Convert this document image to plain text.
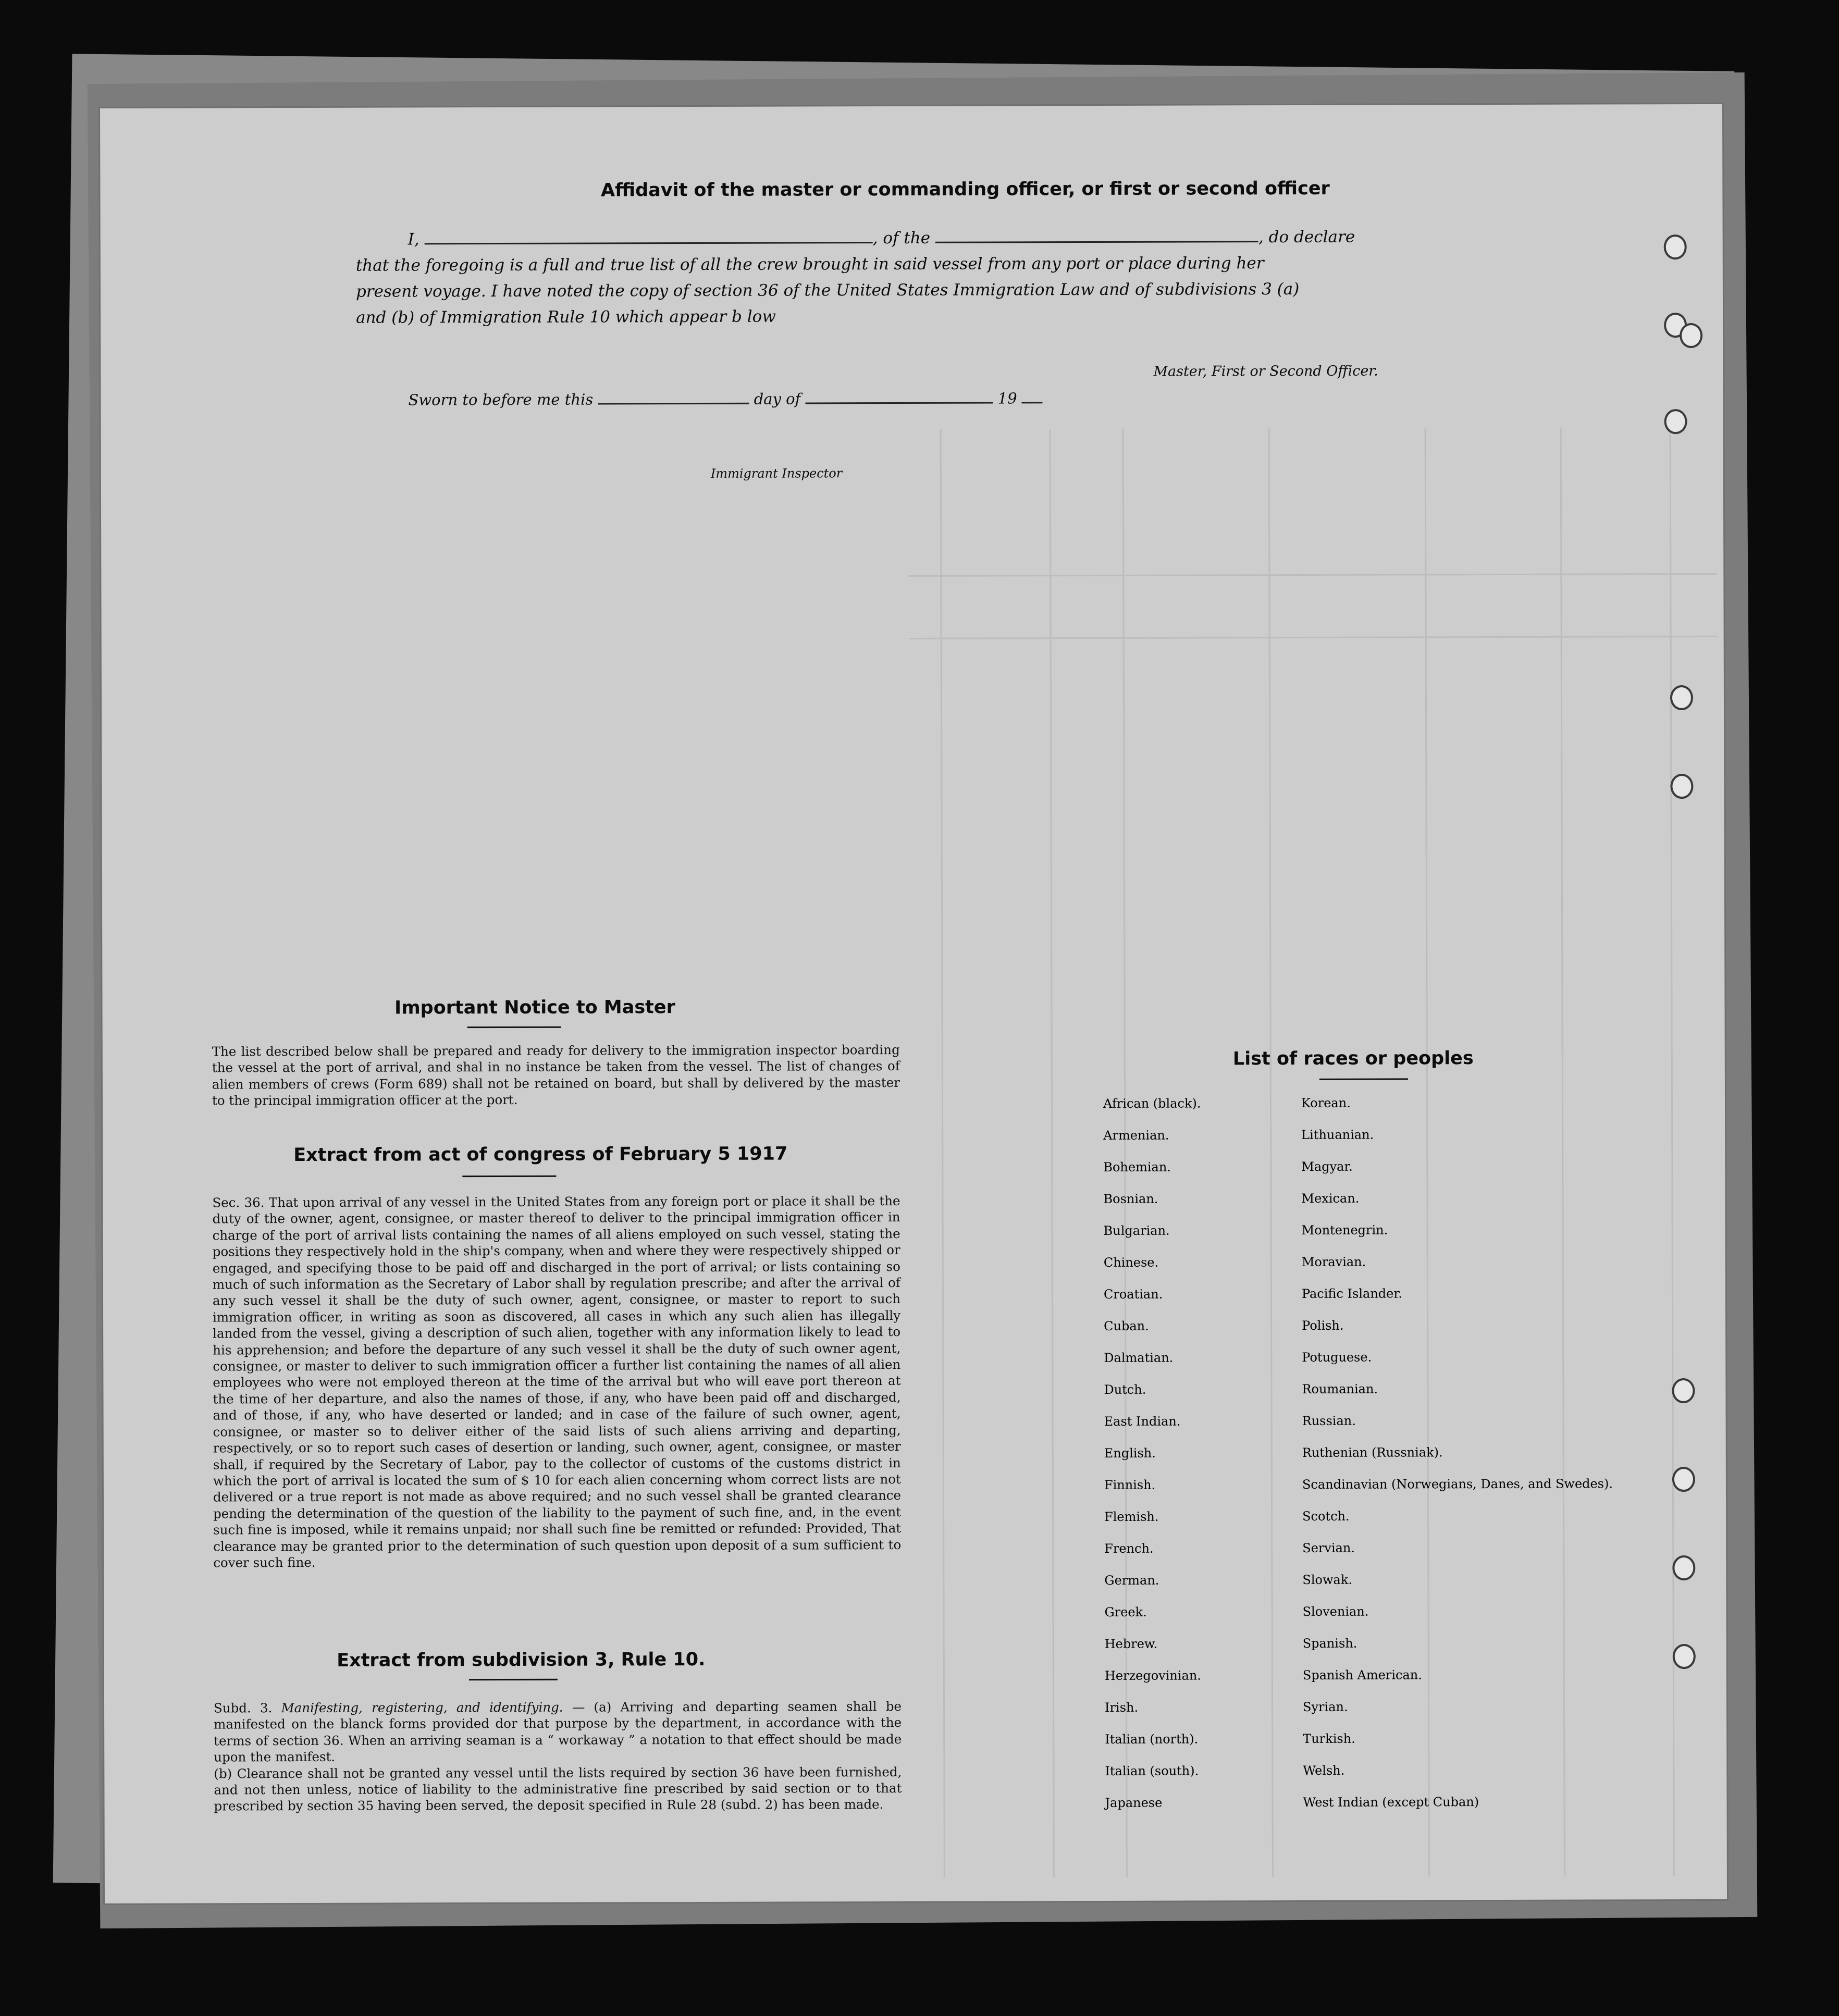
Affidavit of the master or commanding officer, or first or second officer
I,	, of the	, do declare
that the foregoing is a full and true list of all the crew brought in said vessel from any port or place during her
present voyage. I have noted the copy of section 36 of the United States Immigration Law and of subdivisions 3 (a)
and (b) of Immigration Rule 10 which appear b low
Master, First or Second Officer.
Sworn to before me this	day of	19
Immigrant Inspector
Important Notice to Master
The list described below shall be prepared and ready for delivery to the immigration inspector boarding the vessel at the port of arrival, and shal in no instance be taken from the vessel. The list of changes of alien members of crews (Form 689) shall not be retained on board, but shall by delivered by the master to the principal immigration officer at the port.
Extract from act of congress of February 5 1917
Sec. 36. That upon arrival of any vessel in the United States from any foreign port or place it shall be the duty of the owner, agent, consignee, or master thereof to deliver to the principal immigration officer in charge of the port of arrival lists containing the names of all aliens employed on such vessel, stating the positions they respectively hold in the ship's company, when and where they were respectively shipped or engaged, and specifying those to be paid off and discharged in the port of arrival; or lists containing so much of such information as the Secretary of Labor shall by regulation prescribe; and after the arrival of any such vessel it shall be the duty of such owner, agent, consignee, or master to report to such immigration officer, in writing as soon as discovered, all cases in which any such alien has illegally landed from the vessel, giving a description of such alien, together with any information likely to lead to his apprehension; and before the departure of any such vessel it shall be the duty of such owner agent, consignee, or master to deliver to such immigration officer a further list containing the names of all alien employees who were not employed thereon at the time of the arrival but who will eave port thereon at the time of her departure, and also the names of those, if any, who have been paid off and discharged, and of those, if any, who have deserted or landed; and in case of the failure of such owner, agent, consignee, or master so to deliver either of the said lists of such aliens arriving and departing, respectively, or so to report such cases of desertion or landing, such owner, agent, consignee, or master shall, if required by the Secretary of Labor, pay to the collector of customs of the customs district in which the port of arrival is located the sum of $ 10 for each alien concerning whom correct lists are not delivered or a true report is not made as above required; and no such vessel shall be granted clearance pending the determination of the question of the liability to the payment of such fine, and, in the event such fine is imposed, while it remains unpaid; nor shall such fine be remitted or refunded: Provided, That clearance may be granted prior to the determination of such question upon deposit of a sum sufficient to cover such fine.
Extract from subdivision 3, Rule 10.
Subd. 3. Manifesting, registering, and identifying. — (a) Arriving and departing seamen shall be manifested on the blanck forms provided dor that purpose by the department, in accordance with the terms of section 36. When an arriving seaman is a “ workaway ” a notation to that effect should be made upon the manifest.
(b) Clearance shall not be granted any vessel until the lists required by section 36 have been furnished, and not then unless, notice of liability to the administrative fine prescribed by said section or to that prescribed by section 35 having been served, the deposit specified in Rule 28 (subd. 2) has been made.
List of races or peoples
African (black).
Armenian.
Bohemian.
Bosnian.
Bulgarian.
Chinese.
Croatian.
Cuban.
Dalmatian.
Dutch.
East Indian.
English.
Finnish.
Flemish.
French.
German.
Greek.
Hebrew.
Herzegovinian.
Irish.
Italian (north).
Italian (south).
Japanese
Korean.
Lithuanian.
Magyar.
Mexican.
Montenegrin.
Moravian.
Pacific Islander.
Polish.
Potuguese.
Roumanian.
Russian.
Ruthenian (Russniak).
Scandinavian (Norwegians, Danes, and Swedes).
Scotch.
Servian.
Slowak.
Slovenian.
Spanish.
Spanish American.
Syrian.
Turkish.
Welsh.
West Indian (except Cuban)
